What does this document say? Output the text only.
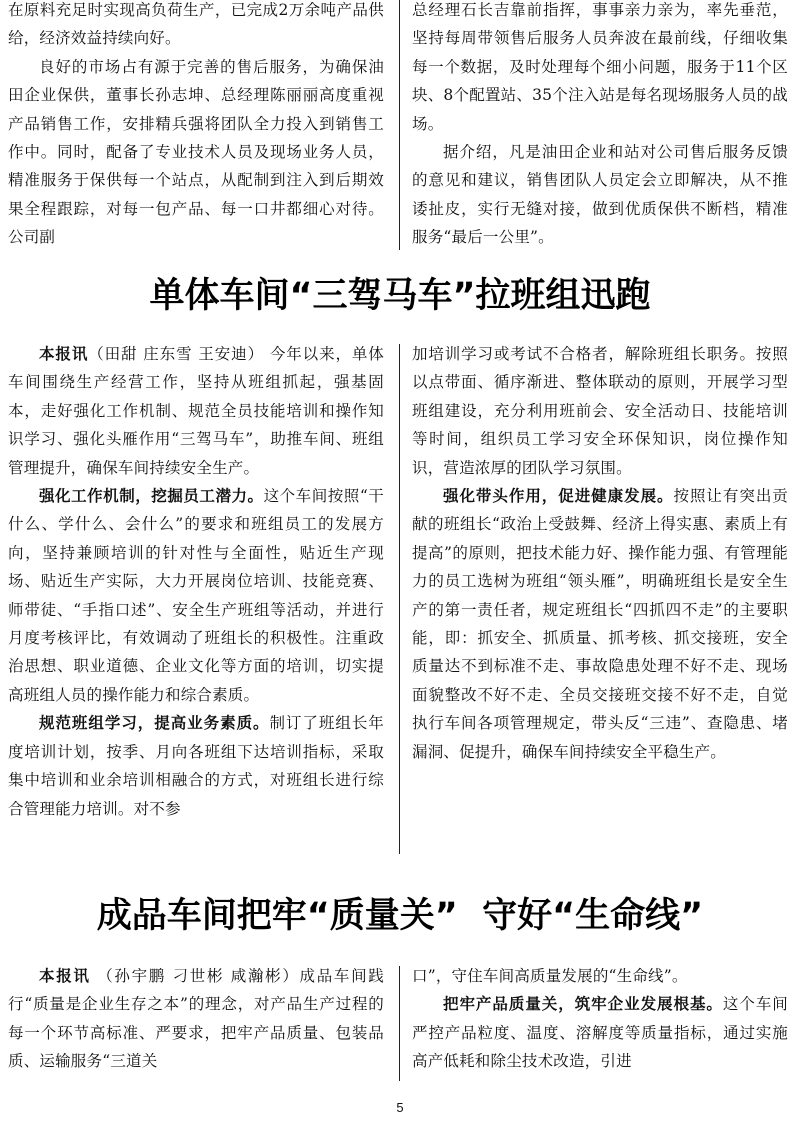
在原料充足时实现高负荷生产，已完成2万余吨产品供给，经济效益持续向好。

良好的市场占有源于完善的售后服务，为确保油田企业保供，董事长孙志坤、总经理陈丽丽高度重视产品销售工作，安排精兵强将团队全力投入到销售工作中。同时，配备了专业技术人员及现场业务人员，精准服务于保供每一个站点，从配制到注入到后期效果全程跟踪，对每一包产品、每一口井都细心对待。公司副

总经理石长吉靠前指挥，事事亲力亲为，率先垂范，坚持每周带领售后服务人员奔波在最前线，仔细收集每一个数据，及时处理每个细小问题，服务于11个区块、8个配置站、35个注入站是每名现场服务人员的战场。

据介绍，凡是油田企业和站对公司售后服务反馈的意见和建议，销售团队人员定会立即解决，从不推诿扯皮，实行无缝对接，做到优质保供不断档，精准服务“最后一公里”。

单体车间“三驾马车”拉班组迅跑

本报讯（田甜 庄东雪 王安迪） 今年以来，单体车间围绕生产经营工作，坚持从班组抓起，强基固本，走好强化工作机制、规范全员技能培训和操作知识学习、强化头雁作用“三驾马车”，助推车间、班组管理提升，确保车间持续安全生产。

强化工作机制，挖掘员工潜力。这个车间按照“干什么、学什么、会什么”的要求和班组员工的发展方向，坚持兼顾培训的针对性与全面性，贴近生产现场、贴近生产实际，大力开展岗位培训、技能竞赛、师带徒、“手指口述”、安全生产班组等活动，并进行月度考核评比，有效调动了班组长的积极性。注重政治思想、职业道德、企业文化等方面的培训，切实提高班组人员的操作能力和综合素质。

规范班组学习，提高业务素质。制订了班组长年度培训计划，按季、月向各班组下达培训指标，采取集中培训和业余培训相融合的方式，对班组长进行综合管理能力培训。对不参

加培训学习或考试不合格者，解除班组长职务。按照以点带面、循序渐进、整体联动的原则，开展学习型班组建设，充分利用班前会、安全活动日、技能培训等时间，组织员工学习安全环保知识，岗位操作知识，营造浓厚的团队学习氛围。

强化带头作用，促进健康发展。按照让有突出贡献的班组长“政治上受鼓舞、经济上得实惠、素质上有提高”的原则，把技术能力好、操作能力强、有管理能力的员工选树为班组“领头雁”，明确班组长是安全生产的第一责任者，规定班组长“四抓四不走”的主要职能，即：抓安全、抓质量、抓考核、抓交接班，安全质量达不到标准不走、事故隐患处理不好不走、现场面貌整改不好不走、全员交接班交接不好不走，自觉执行车间各项管理规定，带头反“三违”、查隐患、堵漏洞、促提升，确保车间持续安全平稳生产。

成品车间把牢“质量关”  守好“生命线”

本报讯 （孙宇鹏 刁世彬 咸瀚彬）成品车间践行“质量是企业生存之本”的理念，对产品生产过程的每一个环节高标准、严要求，把牢产品质量、包装品质、运输服务“三道关

口”，守住车间高质量发展的“生命线”。

把牢产品质量关，筑牢企业发展根基。这个车间严控产品粒度、温度、溶解度等质量指标，通过实施高产低耗和除尘技术改造，引进

5
